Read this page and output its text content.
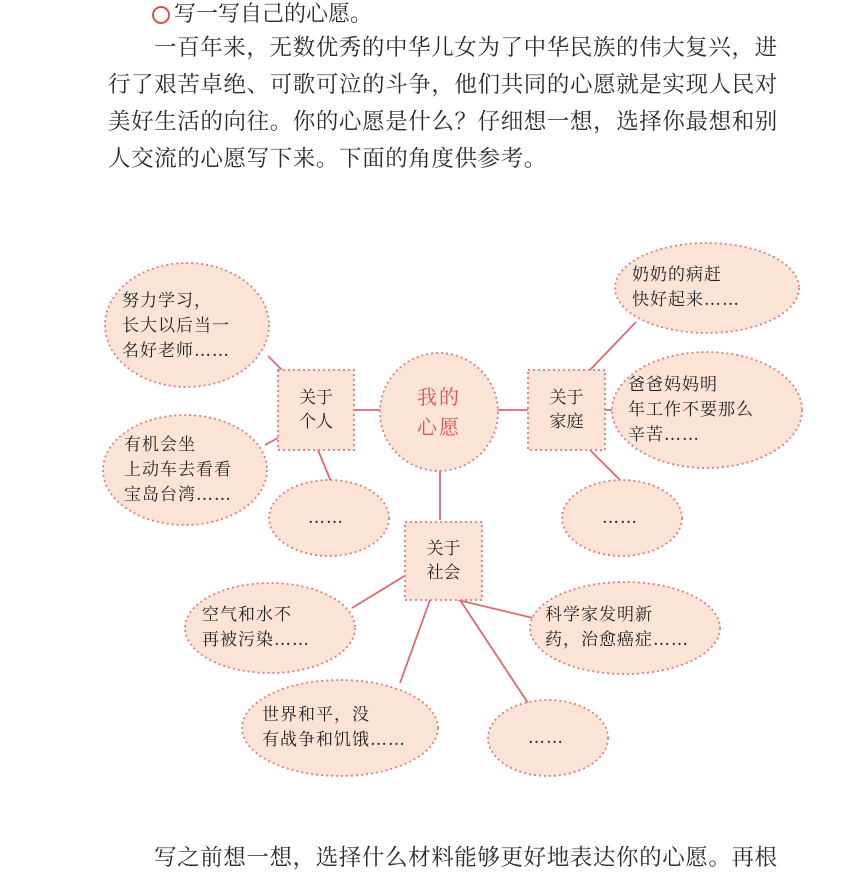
写一写自己的心愿。

一百年来，无数优秀的中华儿女为了中华民族的伟大复兴，进

行了艰苦卓绝、可歌可泣的斗争，他们共同的心愿就是实现人民对

美好生活的向往。你的心愿是什么？仔细想一想，选择你最想和别

人交流的心愿写下来。下面的角度供参考。

我的
心愿
关于
个人
关于
家庭
关于
社会
努力学习，
长大以后当一
名好老师……
有机会坐
上动车去看看
宝岛台湾……
……
奶奶的病赶
快好起来……
爸爸妈妈明
年工作不要那么
辛苦……
……
空气和水不
再被污染……
世界和平，没
有战争和饥饿……
科学家发明新
药，治愈癌症……
……

写之前想一想，选择什么材料能够更好地表达你的心愿。再根
